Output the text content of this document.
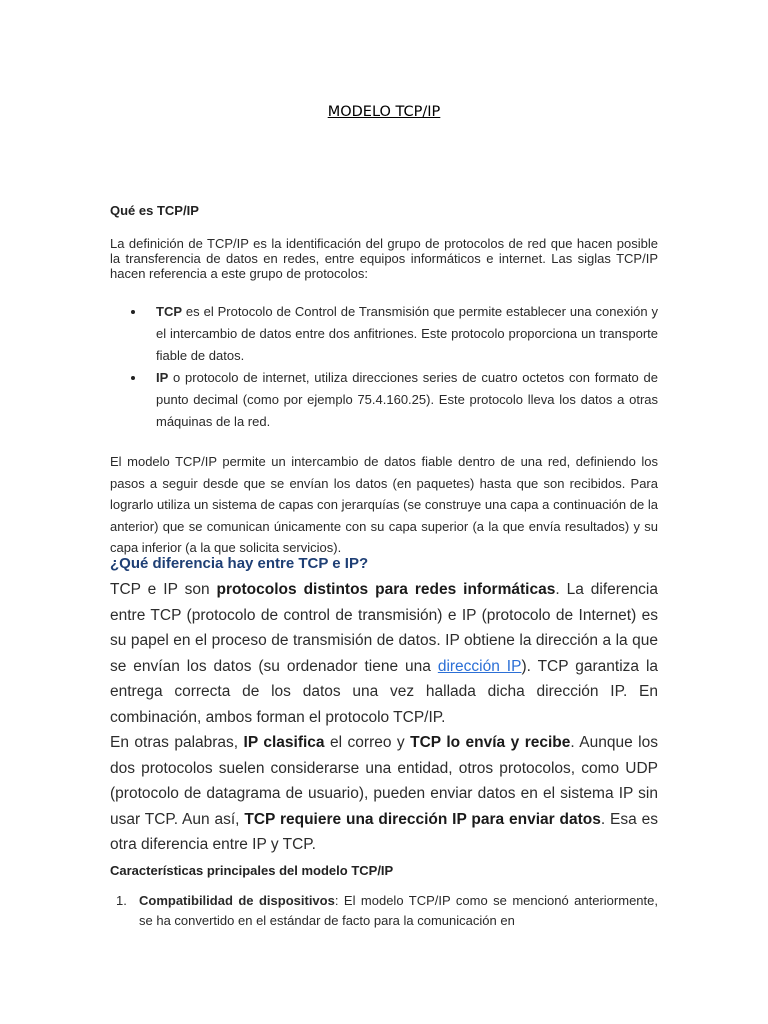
MODELO TCP/IP
Qué es TCP/IP
La definición de TCP/IP es la identificación del grupo de protocolos de red que hacen posible la transferencia de datos en redes, entre equipos informáticos e internet. Las siglas TCP/IP hacen referencia a este grupo de protocolos:
TCP es el Protocolo de Control de Transmisión que permite establecer una conexión y el intercambio de datos entre dos anfitriones. Este protocolo proporciona un transporte fiable de datos.
IP o protocolo de internet, utiliza direcciones series de cuatro octetos con formato de punto decimal (como por ejemplo 75.4.160.25). Este protocolo lleva los datos a otras máquinas de la red.
El modelo TCP/IP permite un intercambio de datos fiable dentro de una red, definiendo los pasos a seguir desde que se envían los datos (en paquetes) hasta que son recibidos. Para lograrlo utiliza un sistema de capas con jerarquías (se construye una capa a continuación de la anterior) que se comunican únicamente con su capa superior (a la que envía resultados) y su capa inferior (a la que solicita servicios).
¿Qué diferencia hay entre TCP e IP?
TCP e IP son protocolos distintos para redes informáticas. La diferencia entre TCP (protocolo de control de transmisión) e IP (protocolo de Internet) es su papel en el proceso de transmisión de datos. IP obtiene la dirección a la que se envían los datos (su ordenador tiene una dirección IP). TCP garantiza la entrega correcta de los datos una vez hallada dicha dirección IP. En combinación, ambos forman el protocolo TCP/IP.
En otras palabras, IP clasifica el correo y TCP lo envía y recibe. Aunque los dos protocolos suelen considerarse una entidad, otros protocolos, como UDP (protocolo de datagrama de usuario), pueden enviar datos en el sistema IP sin usar TCP. Aun así, TCP requiere una dirección IP para enviar datos. Esa es otra diferencia entre IP y TCP.
Características principales del modelo TCP/IP
1. Compatibilidad de dispositivos: El modelo TCP/IP como se mencionó anteriormente, se ha convertido en el estándar de facto para la comunicación en
